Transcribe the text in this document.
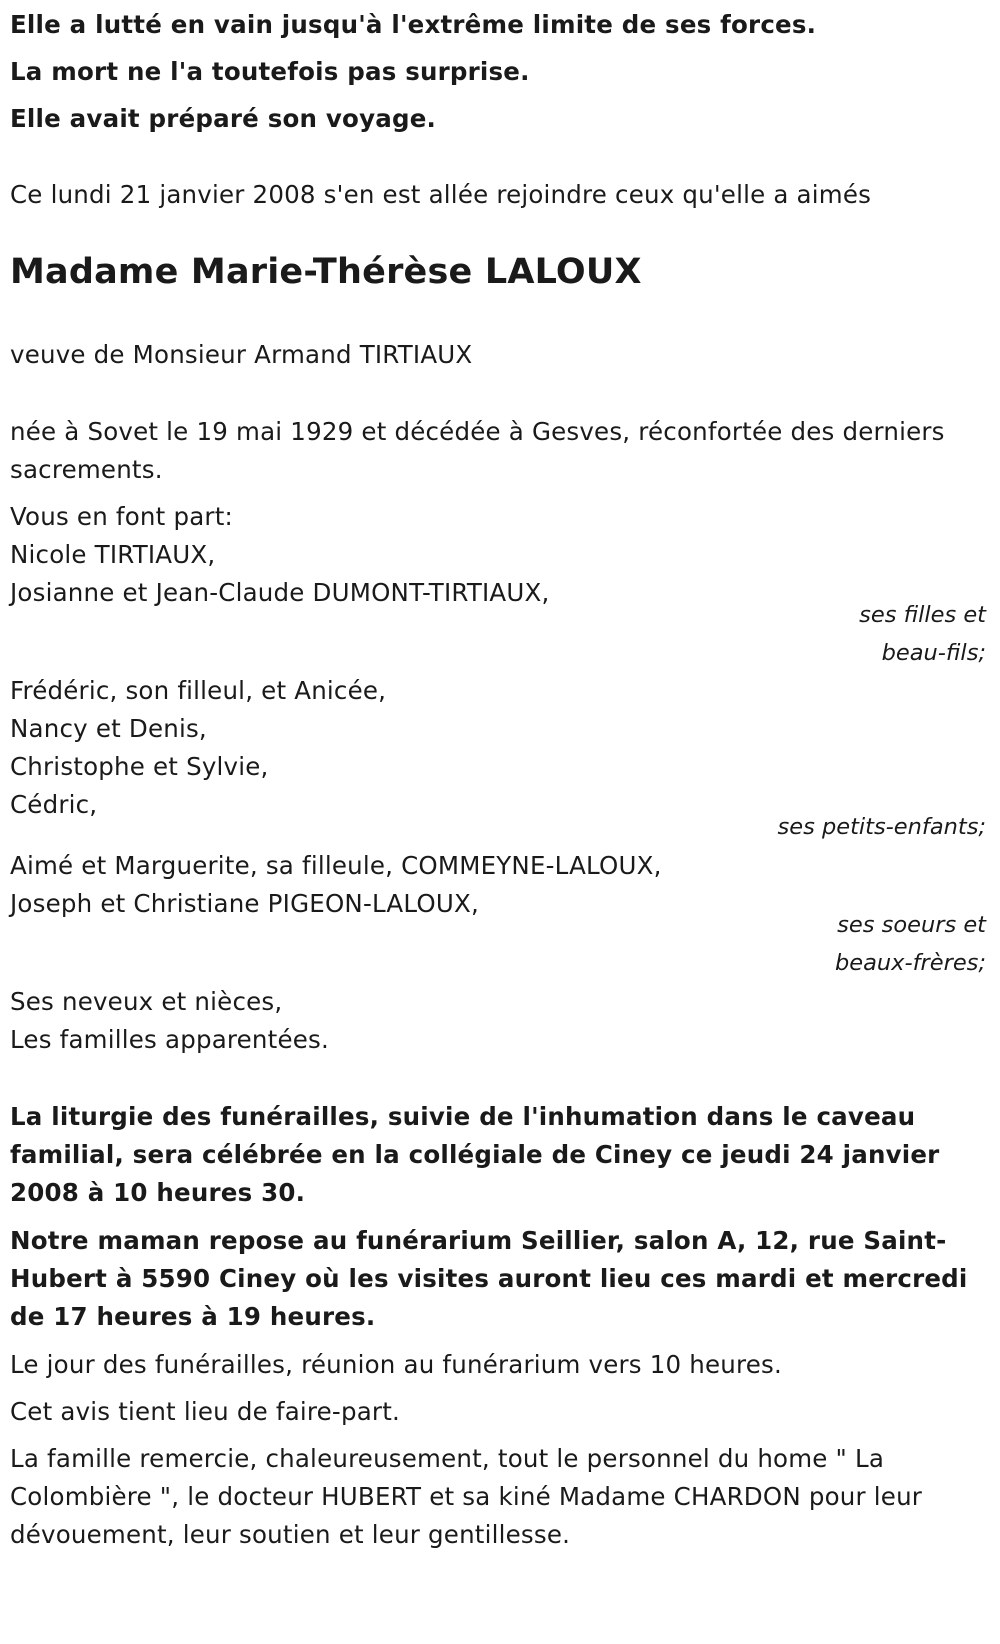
Elle a lutté en vain jusqu'à l'extrême limite de ses forces.

La mort ne l'a toutefois pas surprise.

Elle avait préparé son voyage.

Ce lundi 21 janvier 2008 s'en est allée rejoindre ceux qu'elle a aimés

Madame Marie-Thérèse LALOUX

veuve de Monsieur Armand TIRTIAUX

née à Sovet le 19 mai 1929 et décédée à Gesves, réconfortée des derniers

sacrements.

Vous en font part:

Nicole TIRTIAUX,

Josianne et Jean-Claude DUMONT-TIRTIAUX,

ses filles et

beau-fils;

Frédéric, son filleul, et Anicée,

Nancy et Denis,

Christophe et Sylvie,

Cédric,

ses petits-enfants;

Aimé et Marguerite, sa filleule, COMMEYNE-LALOUX,

Joseph et Christiane PIGEON-LALOUX,

ses soeurs et

beaux-frères;

Ses neveux et nièces,

Les familles apparentées.

La liturgie des funérailles, suivie de l'inhumation dans le caveau

familial, sera célébrée en la collégiale de Ciney ce jeudi 24 janvier

2008 à 10 heures 30.

Notre maman repose au funérarium Seillier, salon A, 12, rue Saint-

Hubert à 5590 Ciney où les visites auront lieu ces mardi et mercredi

de 17 heures à 19 heures.

Le jour des funérailles, réunion au funérarium vers 10 heures.

Cet avis tient lieu de faire-part.

La famille remercie, chaleureusement, tout le personnel du home " La

Colombière ", le docteur HUBERT et sa kiné Madame CHARDON pour leur

dévouement, leur soutien et leur gentillesse.
